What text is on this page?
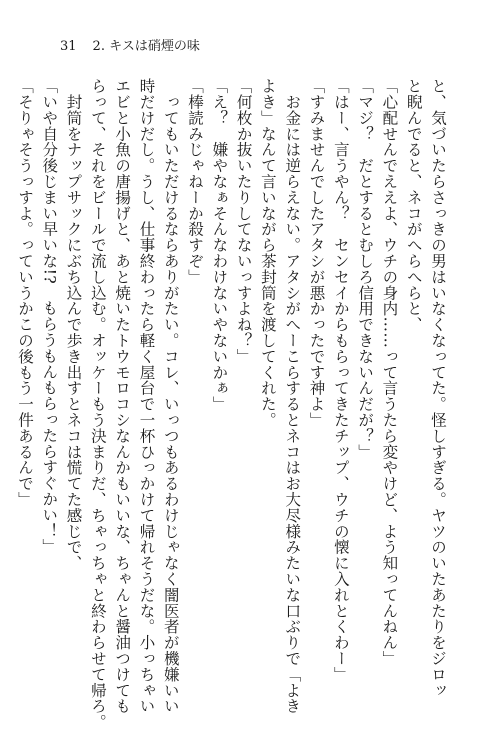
31 2. キスは硝煙の味
と、気づいたらさっきの男はいなくなってた。怪しすぎる。ヤツのいたあたりをジロッ
と睨んでると、ネコがへらへらと、
「心配せんでええよ、ウチの身内……って言うたら変やけど、よう知ってんねん」
「マジ？　だとするとむしろ信用できないんだが？」
「はー、言うやん？　センセイからもらってきたチップ、ウチの懐に入れとくわー」
「すみませんでしたアタシが悪かったです神よ」
　お金には逆らえない。アタシがへーこらするとネコはお大尽様みたいな口ぶりで「よき
よき」なんて言いながら茶封筒を渡してくれた。
「何枚か抜いたりしてないっすよね？」
「え？　嫌やなぁそんなわけないやないかぁ」
「棒読みじゃねーか殺すぞ」
　ってもいただけるならありがたい。コレ、いっつもあるわけじゃなく闇医者が機嫌いい
時だけだし。うし、仕事終わったら軽く屋台で一杯ひっかけて帰れそうだな。小っちゃい
エビと小魚の唐揚げと、あと焼いたトウモロコシなんかもいいな、ちゃんと醤油つけても
らって、それをビールで流し込む。オッケーもう決まりだ、ちゃっちゃと終わらせて帰ろ。
　封筒をナップサックにぶち込んで歩き出すとネコは慌てた感じで、
「いや自分後じまい早いな!?　もらうもんもらったらすぐかい！」
「そりゃそうっすよ。っていうかこの後もう一件あるんで」
